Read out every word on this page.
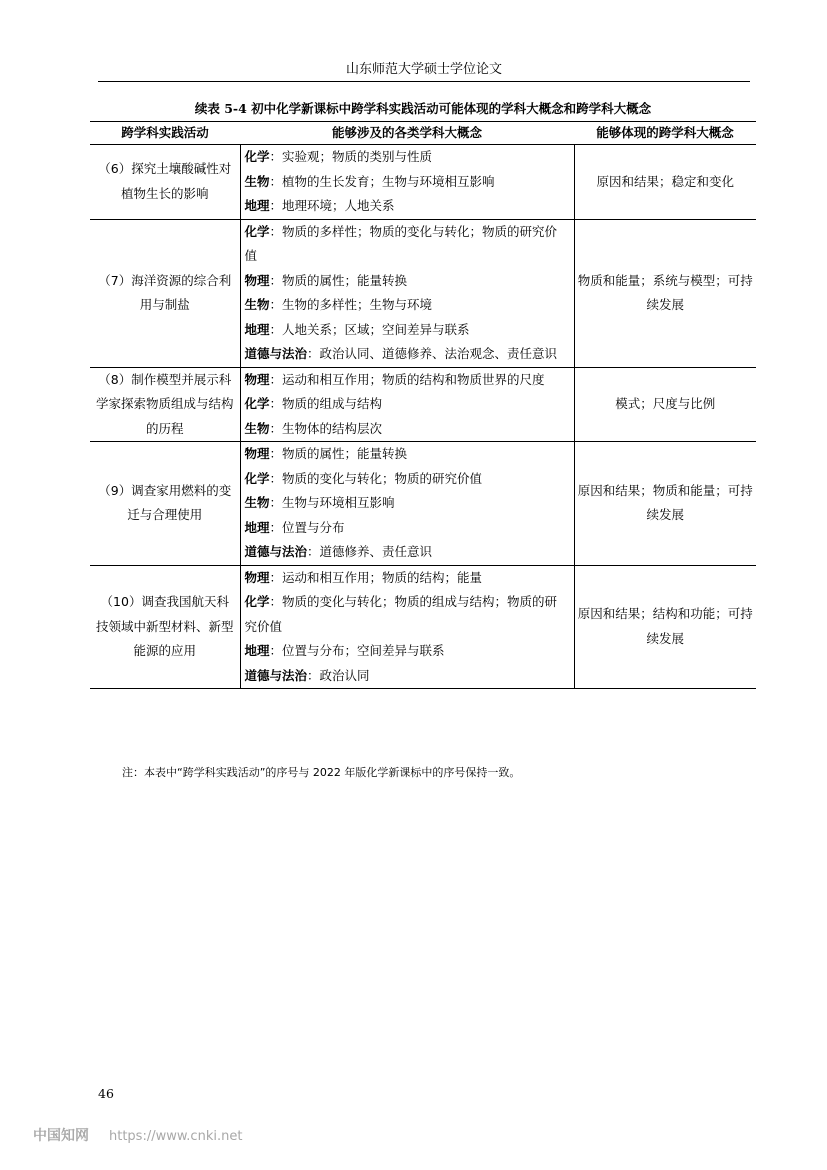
山东师范大学硕士学位论文
续表 5-4 初中化学新课标中跨学科实践活动可能体现的学科大概念和跨学科大概念
跨学科实践活动	能够涉及的各类学科大概念	能够体现的跨学科大概念
（6）探究土壤酸碱性对植物生长的影响	化学：实验观；物质的类别与性质
生物：植物的生长发育；生物与环境相互影响
地理：地理环境；人地关系	原因和结果；稳定和变化
（7）海洋资源的综合利用与制盐	化学：物质的多样性；物质的变化与转化；物质的研究价值
物理：物质的属性；能量转换
生物：生物的多样性；生物与环境
地理：人地关系；区域；空间差异与联系
道德与法治：政治认同、道德修养、法治观念、责任意识	物质和能量；系统与模型；可持续发展
（8）制作模型并展示科学家探索物质组成与结构的历程	物理：运动和相互作用；物质的结构和物质世界的尺度
化学：物质的组成与结构
生物：生物体的结构层次	模式；尺度与比例
（9）调查家用燃料的变迁与合理使用	物理：物质的属性；能量转换
化学：物质的变化与转化；物质的研究价值
生物：生物与环境相互影响
地理：位置与分布
道德与法治：道德修养、责任意识	原因和结果；物质和能量；可持续发展
（10）调查我国航天科技领域中新型材料、新型能源的应用	物理：运动和相互作用；物质的结构；能量
化学：物质的变化与转化；物质的组成与结构；物质的研究价值
地理：位置与分布；空间差异与联系
道德与法治：政治认同	原因和结果；结构和功能；可持续发展
注：本表中“跨学科实践活动”的序号与 2022 年版化学新课标中的序号保持一致。
46
中国知网 https://www.cnki.net
